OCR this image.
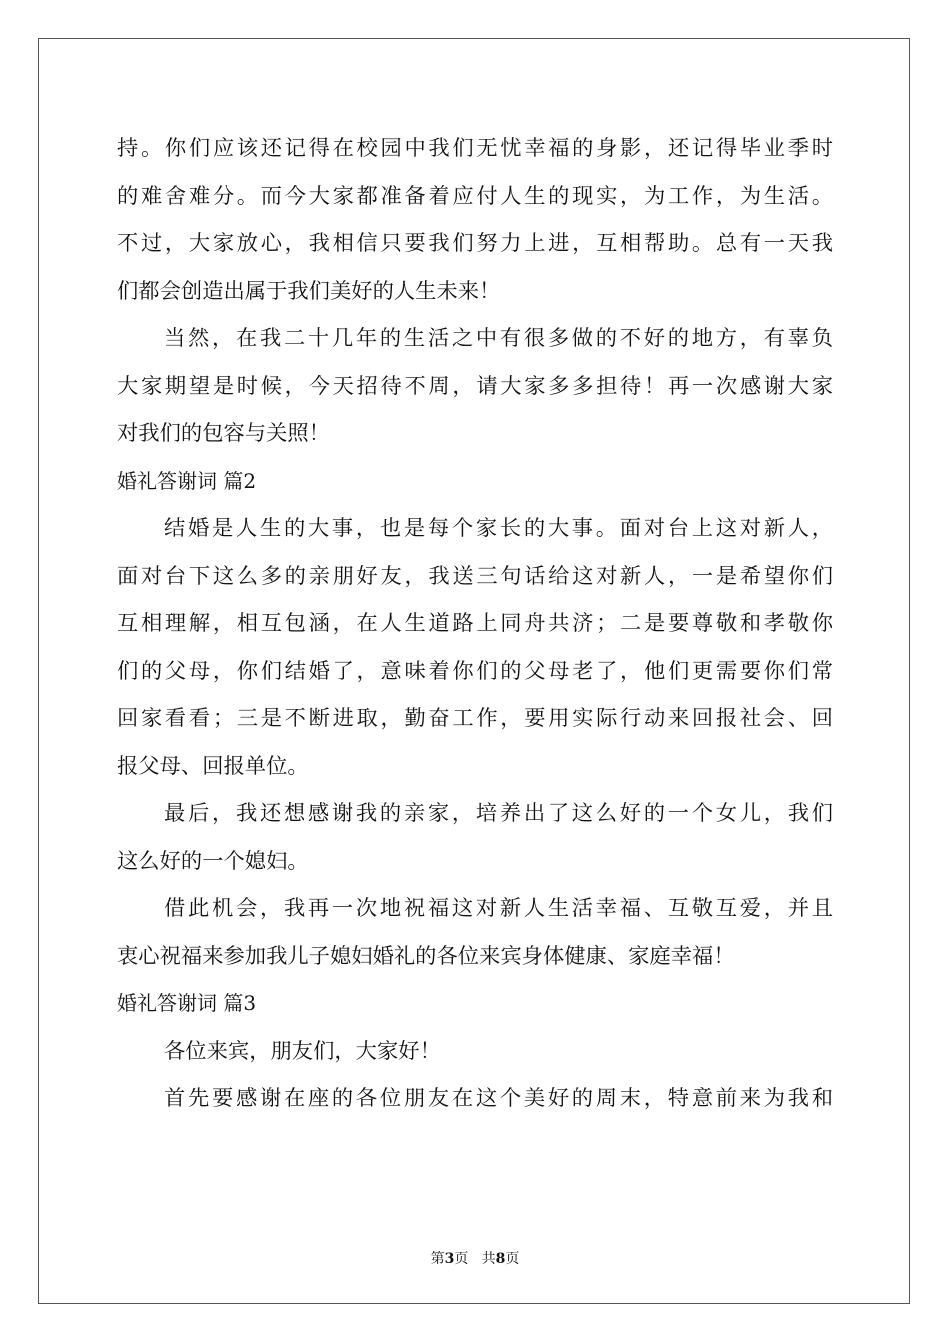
持。你们应该还记得在校园中我们无忧幸福的身影，还记得毕业季时
的难舍难分。而今大家都准备着应付人生的现实，为工作，为生活。
不过，大家放心，我相信只要我们努力上进，互相帮助。总有一天我
们都会创造出属于我们美好的人生未来！
当然，在我二十几年的生活之中有很多做的不好的地方，有辜负
大家期望是时候，今天招待不周，请大家多多担待！再一次感谢大家
对我们的包容与关照！
婚礼答谢词 篇2
结婚是人生的大事，也是每个家长的大事。面对台上这对新人，
面对台下这么多的亲朋好友，我送三句话给这对新人，一是希望你们
互相理解，相互包涵，在人生道路上同舟共济；二是要尊敬和孝敬你
们的父母，你们结婚了，意味着你们的父母老了，他们更需要你们常
回家看看；三是不断进取，勤奋工作，要用实际行动来回报社会、回
报父母、回报单位。
最后，我还想感谢我的亲家，培养出了这么好的一个女儿，我们
这么好的一个媳妇。
借此机会，我再一次地祝福这对新人生活幸福、互敬互爱，并且
衷心祝福来参加我儿子媳妇婚礼的各位来宾身体健康、家庭幸福！
婚礼答谢词 篇3
各位来宾，朋友们，大家好！
首先要感谢在座的各位朋友在这个美好的周末，特意前来为我和
第3页 共8页
